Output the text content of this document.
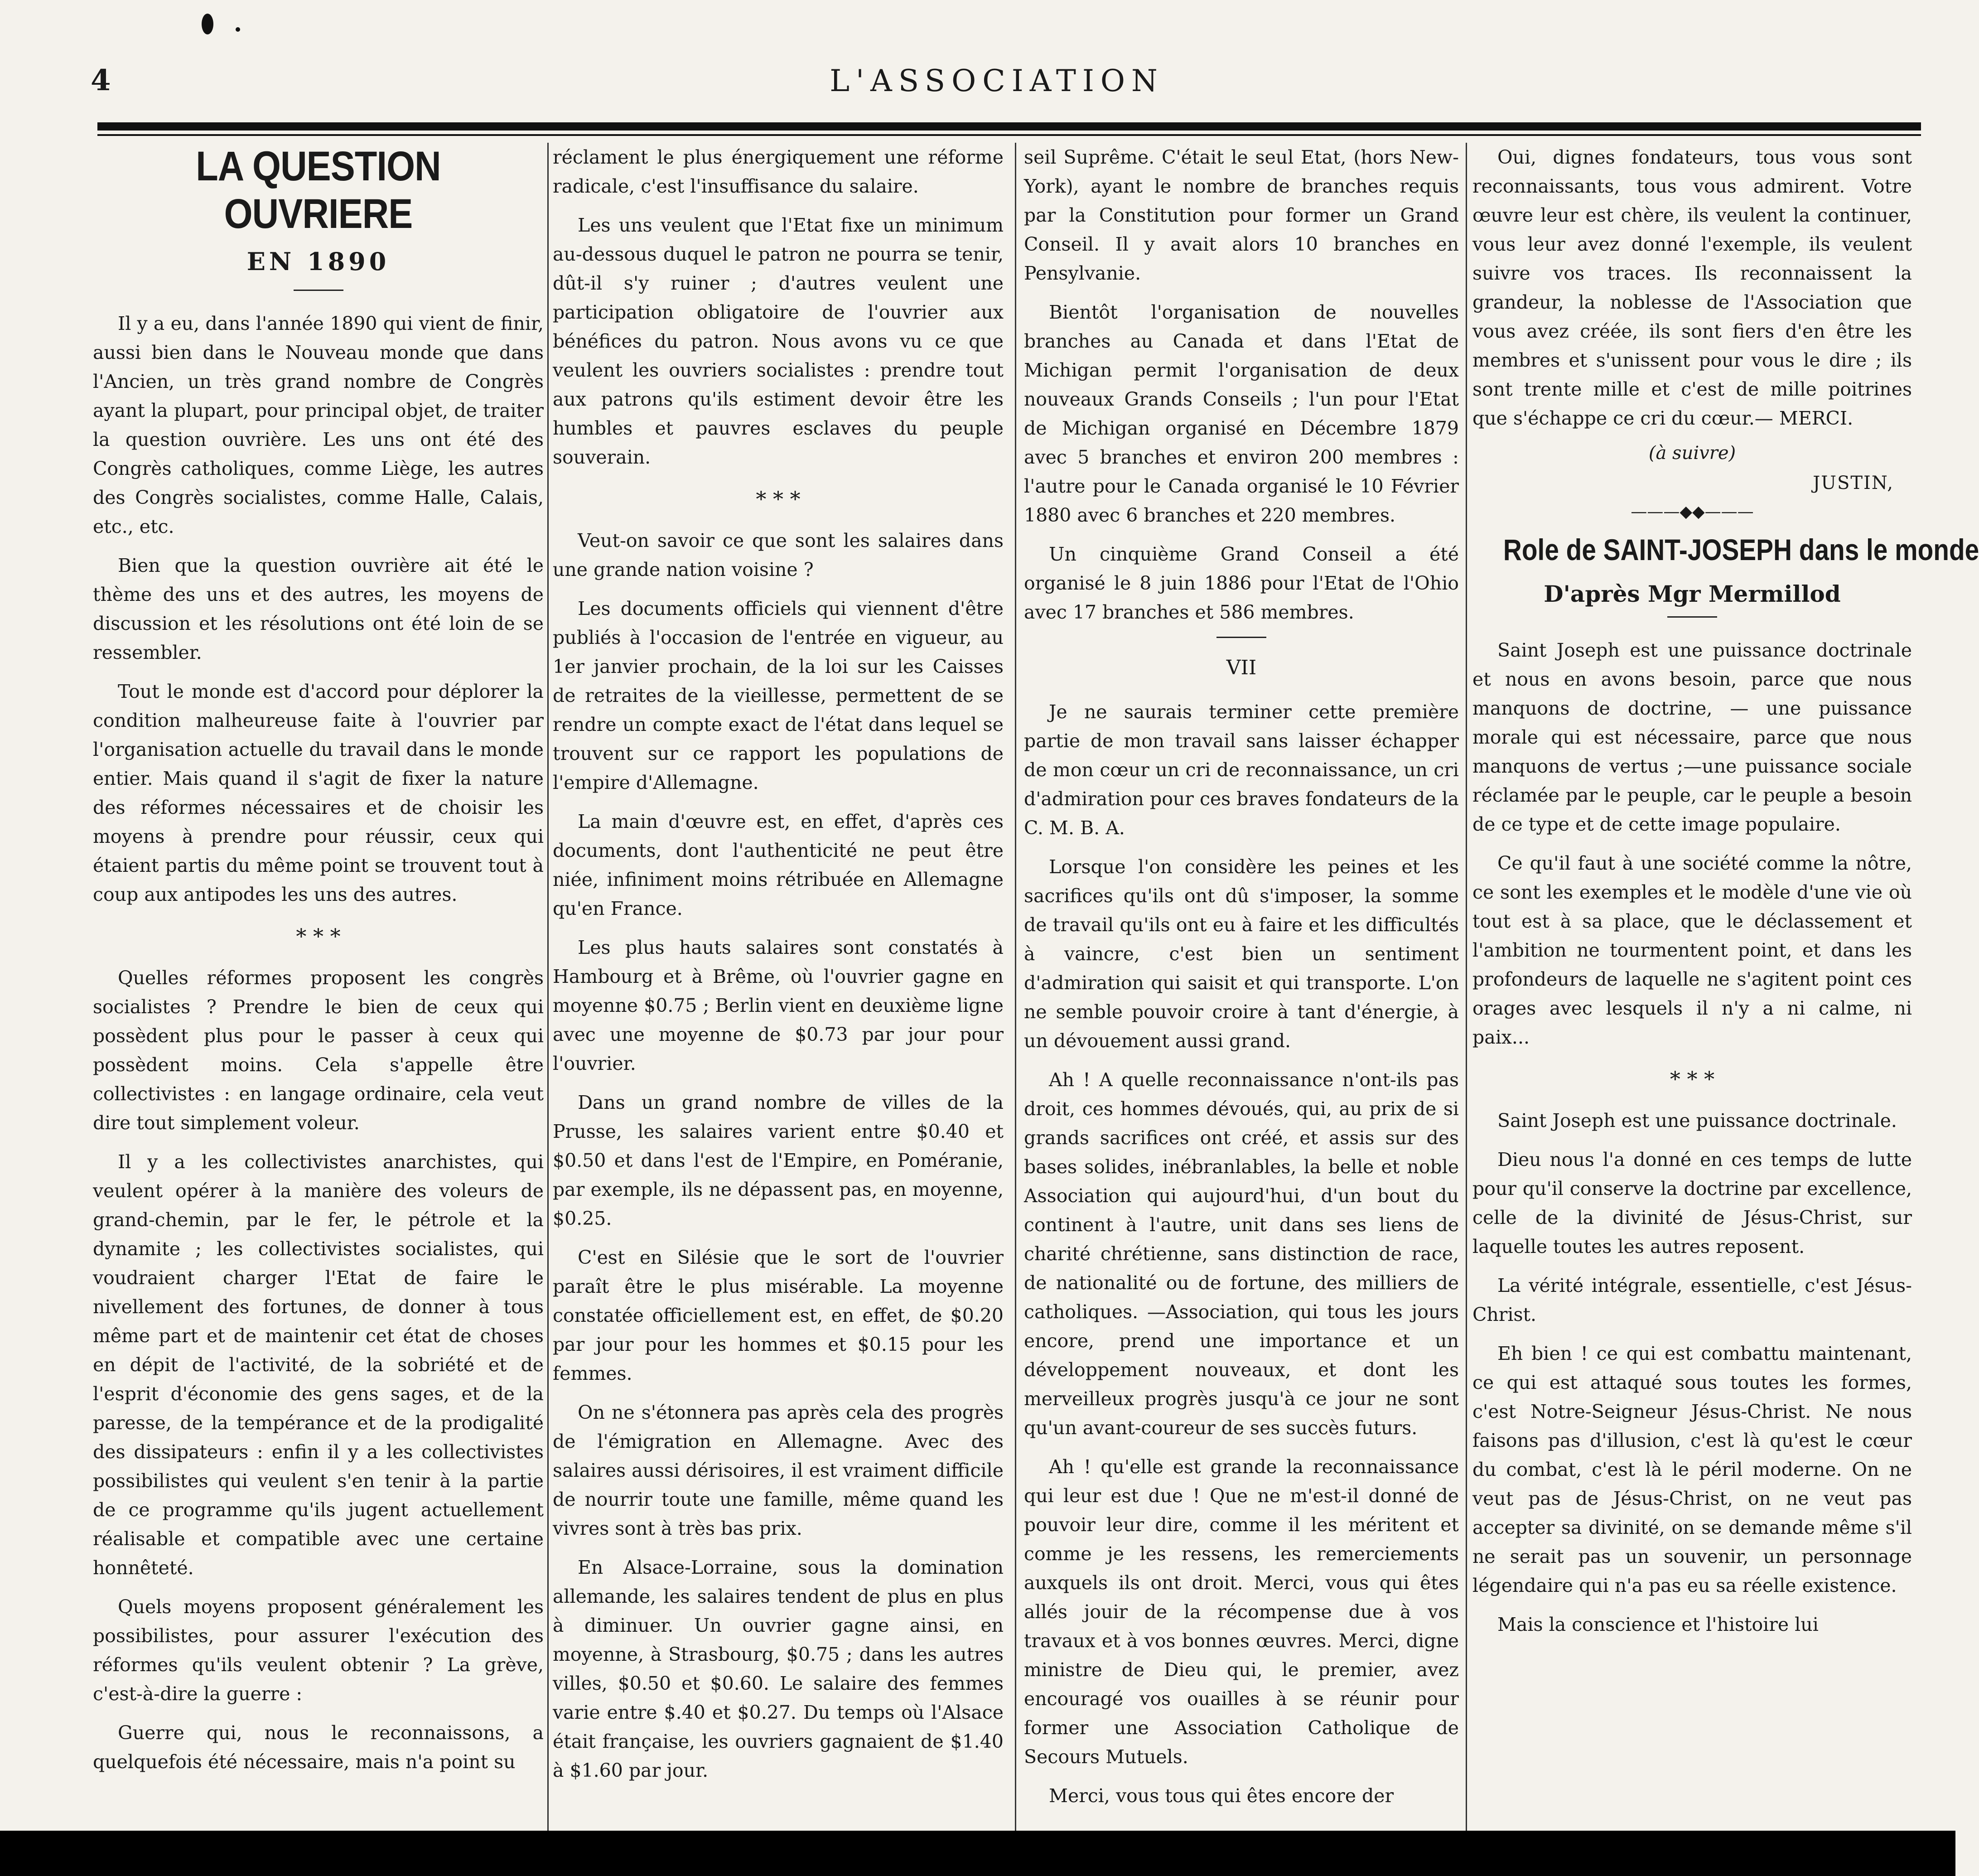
4	L'ASSOCIATION
LA QUESTION OUVRIERE
EN 1890

Il y a eu, dans l'année 1890 qui vient de finir, aussi bien dans le Nouveau monde que dans l'Ancien, un très grand nombre de Congrès ayant la plupart, pour principal objet, de traiter la question ouvrière. Les uns ont été des Congrès catholiques, comme Liège, les autres des Congrès socialistes, comme Halle, Calais, etc., etc.

Bien que la question ouvrière ait été le thème des uns et des autres, les moyens de discussion et les résolutions ont été loin de se ressembler.

Tout le monde est d'accord pour déplorer la condition malheureuse faite à l'ouvrier par l'organisation actuelle du travail dans le monde entier. Mais quand il s'agit de fixer la nature des réformes nécessaires et de choisir les moyens à prendre pour réussir, ceux qui étaient partis du même point se trouvent tout à coup aux antipodes les uns des autres.

* * *

Quelles réformes proposent les congrès socialistes ? Prendre le bien de ceux qui possèdent plus pour le passer à ceux qui possèdent moins. Cela s'appelle être collectivistes : en langage ordinaire, cela veut dire tout simplement voleur.

Il y a les collectivistes anarchistes, qui veulent opérer à la manière des voleurs de grand-chemin, par le fer, le pétrole et la dynamite ; les collectivistes socialistes, qui voudraient charger l'Etat de faire le nivellement des fortunes, de donner à tous même part et de maintenir cet état de choses en dépit de l'activité, de la sobriété et de l'esprit d'économie des gens sages, et de la paresse, de la tempérance et de la prodigalité des dissipateurs : enfin il y a les collectivistes possibilistes qui veulent s'en tenir à la partie de ce programme qu'ils jugent actuellement réalisable et compatible avec une certaine honnêteté.

Quels moyens proposent généralement les possibilistes, pour assurer l'exécution des réformes qu'ils veulent obtenir ? La grève, c'est-à-dire la guerre :

Guerre qui, nous le reconnaissons, a quelquefois été nécessaire, mais n'a point su

réclament le plus énergiquement une réforme radicale, c'est l'insuffisance du salaire.

Les uns veulent que l'Etat fixe un minimum au-dessous duquel le patron ne pourra se tenir, dût-il s'y ruiner ; d'autres veulent une participation obligatoire de l'ouvrier aux bénéfices du patron. Nous avons vu ce que veulent les ouvriers socialistes : prendre tout aux patrons qu'ils estiment devoir être les humbles et pauvres esclaves du peuple souverain.

* * *

Veut-on savoir ce que sont les salaires dans une grande nation voisine ?

Les documents officiels qui viennent d'être publiés à l'occasion de l'entrée en vigueur, au 1er janvier prochain, de la loi sur les Caisses de retraites de la vieillesse, permettent de se rendre un compte exact de l'état dans lequel se trouvent sur ce rapport les populations de l'empire d'Allemagne.

La main d'œuvre est, en effet, d'après ces documents, dont l'authenticité ne peut être niée, infiniment moins rétribuée en Allemagne qu'en France.

Les plus hauts salaires sont constatés à Hambourg et à Brême, où l'ouvrier gagne en moyenne $0.75 ; Berlin vient en deuxième ligne avec une moyenne de $0.73 par jour pour l'ouvrier.

Dans un grand nombre de villes de la Prusse, les salaires varient entre $0.40 et $0.50 et dans l'est de l'Empire, en Poméranie, par exemple, ils ne dépassent pas, en moyenne, $0.25.

C'est en Silésie que le sort de l'ouvrier paraît être le plus misérable. La moyenne constatée officiellement est, en effet, de $0.20 par jour pour les hommes et $0.15 pour les femmes.

On ne s'étonnera pas après cela des progrès de l'émigration en Allemagne. Avec des salaires aussi dérisoires, il est vraiment difficile de nourrir toute une famille, même quand les vivres sont à très bas prix.

En Alsace-Lorraine, sous la domination allemande, les salaires tendent de plus en plus à diminuer. Un ouvrier gagne ainsi, en moyenne, à Strasbourg, $0.75 ; dans les autres villes, $0.50 et $0.60. Le salaire des femmes varie entre $.40 et $0.27. Du temps où l'Alsace était française, les ouvriers gagnaient de $1.40 à $1.60 par jour.

seil Suprême. C'était le seul Etat, (hors New-York), ayant le nombre de branches requis par la Constitution pour former un Grand Conseil. Il y avait alors 10 branches en Pensylvanie.

Bientôt l'organisation de nouvelles branches au Canada et dans l'Etat de Michigan permit l'organisation de deux nouveaux Grands Conseils ; l'un pour l'Etat de Michigan organisé en Décembre 1879 avec 5 branches et environ 200 membres : l'autre pour le Canada organisé le 10 Février 1880 avec 6 branches et 220 membres.

Un cinquième Grand Conseil a été organisé le 8 juin 1886 pour l'Etat de l'Ohio avec 17 branches et 586 membres.

VII

Je ne saurais terminer cette première partie de mon travail sans laisser échapper de mon cœur un cri de reconnaissance, un cri d'admiration pour ces braves fondateurs de la C. M. B. A.

Lorsque l'on considère les peines et les sacrifices qu'ils ont dû s'imposer, la somme de travail qu'ils ont eu à faire et les difficultés à vaincre, c'est bien un sentiment d'admiration qui saisit et qui transporte. L'on ne semble pouvoir croire à tant d'énergie, à un dévouement aussi grand.

Ah ! A quelle reconnaissance n'ont-ils pas droit, ces hommes dévoués, qui, au prix de si grands sacrifices ont créé, et assis sur des bases solides, inébranlables, la belle et noble Association qui aujourd'hui, d'un bout du continent à l'autre, unit dans ses liens de charité chrétienne, sans distinction de race, de nationalité ou de fortune, des milliers de catholiques. —Association, qui tous les jours encore, prend une importance et un développement nouveaux, et dont les merveilleux progrès jusqu'à ce jour ne sont qu'un avant-coureur de ses succès futurs.

Ah ! qu'elle est grande la reconnaissance qui leur est due ! Que ne m'est-il donné de pouvoir leur dire, comme il les méritent et comme je les ressens, les remerciements auxquels ils ont droit. Merci, vous qui êtes allés jouir de la récompense due à vos travaux et à vos bonnes œuvres. Merci, digne ministre de Dieu qui, le premier, avez encouragé vos ouailles à se réunir pour former une Association Catholique de Secours Mutuels.

Merci, vous tous qui êtes encore der

Oui, dignes fondateurs, tous vous sont reconnaissants, tous vous admirent. Votre œuvre leur est chère, ils veulent la continuer, vous leur avez donné l'exemple, ils veulent suivre vos traces. Ils reconnaissent la grandeur, la noblesse de l'Association que vous avez créée, ils sont fiers d'en être les membres et s'unissent pour vous le dire ; ils sont trente mille et c'est de mille poitrines que s'échappe ce cri du cœur.— MERCI.

(à suivre)
JUSTIN,
———◆◆———
Role de SAINT-JOSEPH dans le monde
D'après Mgr Mermillod

Saint Joseph est une puissance doctrinale et nous en avons besoin, parce que nous manquons de doctrine, — une puissance morale qui est nécessaire, parce que nous manquons de vertus ;—une puissance sociale réclamée par le peuple, car le peuple a besoin de ce type et de cette image populaire.

Ce qu'il faut à une société comme la nôtre, ce sont les exemples et le modèle d'une vie où tout est à sa place, que le déclassement et l'ambition ne tourmentent point, et dans les profondeurs de laquelle ne s'agitent point ces orages avec lesquels il n'y a ni calme, ni paix...

* * *

Saint Joseph est une puissance doctrinale.

Dieu nous l'a donné en ces temps de lutte pour qu'il conserve la doctrine par excellence, celle de la divinité de Jésus-Christ, sur laquelle toutes les autres reposent.

La vérité intégrale, essentielle, c'est Jésus-Christ.

Eh bien ! ce qui est combattu maintenant, ce qui est attaqué sous toutes les formes, c'est Notre-Seigneur Jésus-Christ. Ne nous faisons pas d'illusion, c'est là qu'est le cœur du combat, c'est là le péril moderne. On ne veut pas de Jésus-Christ, on ne veut pas accepter sa divinité, on se demande même s'il ne serait pas un souvenir, un personnage légendaire qui n'a pas eu sa réelle existence.

Mais la conscience et l'histoire lui
